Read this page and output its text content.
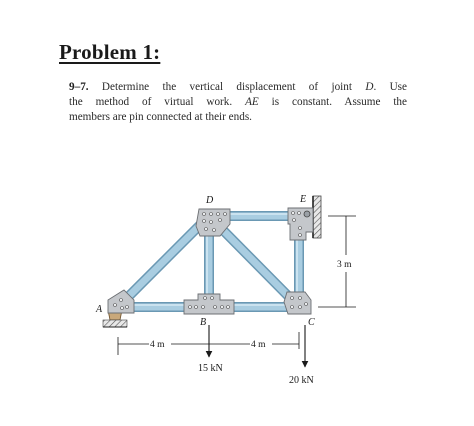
Problem 1:
9–7. Determine the vertical displacement of joint D. Use
the method of virtual work. AE is constant. Assume the
members are pin connected at their ends.
A
B	C
D	E
4 m	4 m
3 m
15 kN
20 kN
